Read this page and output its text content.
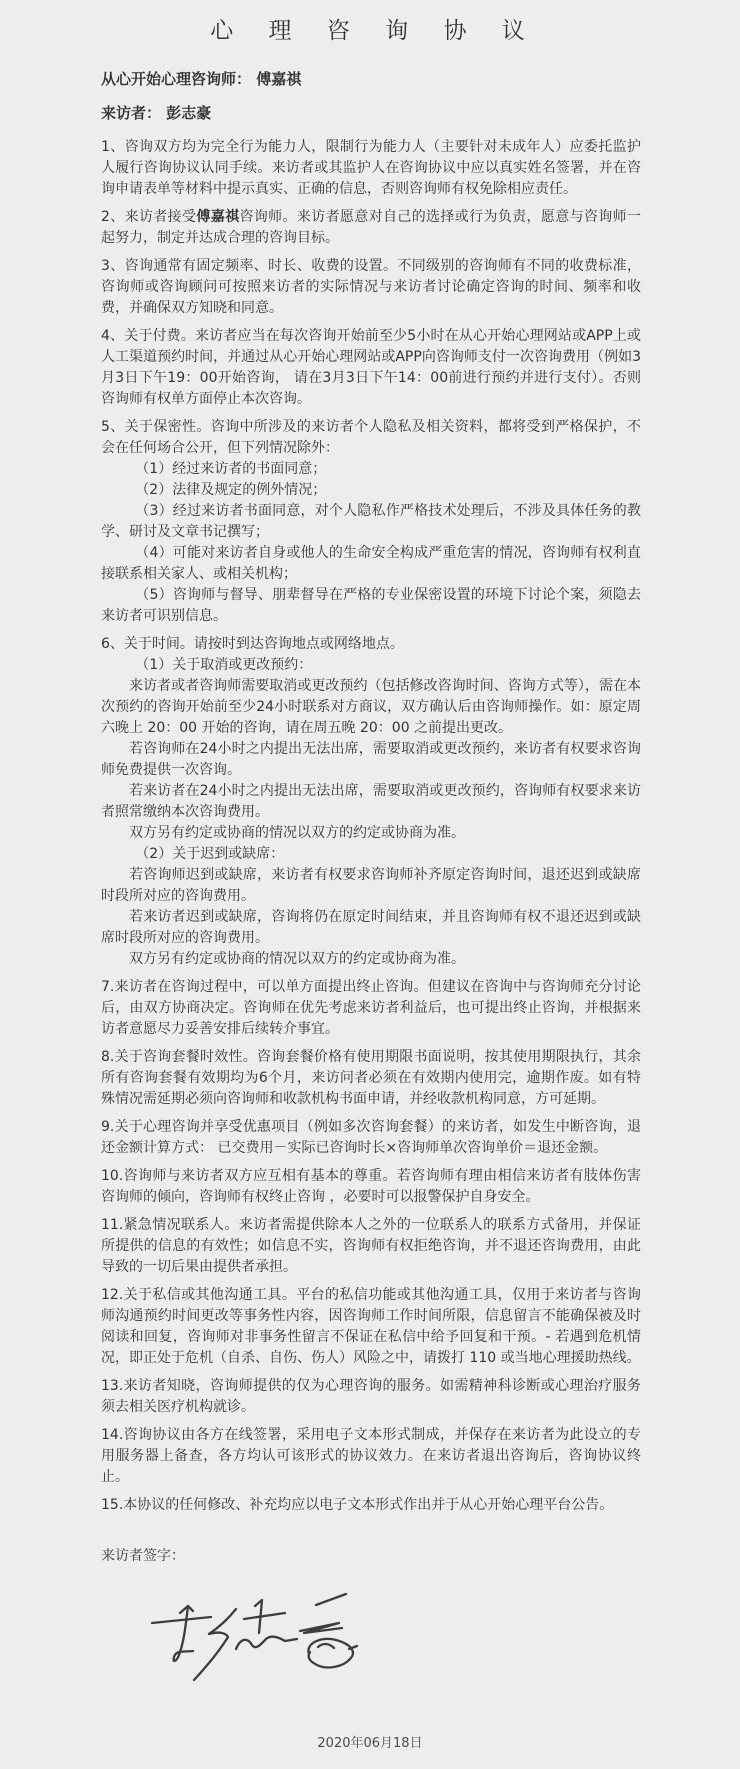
心 理 咨 询 协 议
从心开始心理咨询师： 傅嘉祺
来访者： 彭志豪
1、咨询双方均为完全行为能力人，限制行为能力人（主要针对未成年人）应委托监护人履行咨询协议认同手续。来访者或其监护人在咨询协议中应以真实姓名签署，并在咨询申请表单等材料中提示真实、正确的信息，否则咨询师有权免除相应责任。
2、来访者接受傅嘉祺咨询师。来访者愿意对自己的选择或行为负责，愿意与咨询师一起努力，制定并达成合理的咨询目标。
3、咨询通常有固定频率、时长、收费的设置。不同级别的咨询师有不同的收费标准，咨询师或咨询顾问可按照来访者的实际情况与来访者讨论确定咨询的时间、频率和收费，并确保双方知晓和同意。
4、关于付费。来访者应当在每次咨询开始前至少5小时在从心开始心理网站或APP上或人工渠道预约时间，并通过从心开始心理网站或APP向咨询师支付一次咨询费用（例如3月3日下午19：00开始咨询， 请在3月3日下午14：00前进行预约并进行支付）。否则咨询师有权单方面停止本次咨询。
5、关于保密性。咨询中所涉及的来访者个人隐私及相关资料，都将受到严格保护，不会在任何场合公开，但下列情况除外：
（1）经过来访者的书面同意；
（2）法律及规定的例外情况；
（3）经过来访者书面同意，对个人隐私作严格技术处理后，不涉及具体任务的教学、研讨及文章书记撰写；
（4）可能对来访者自身或他人的生命安全构成严重危害的情况，咨询师有权利直接联系相关家人、或相关机构；
（5）咨询师与督导、朋辈督导在严格的专业保密设置的环境下讨论个案，须隐去来访者可识别信息。
6、关于时间。请按时到达咨询地点或网络地点。
（1）关于取消或更改预约：
来访者或者咨询师需要取消或更改预约（包括修改咨询时间、咨询方式等），需在本次预约的咨询开始前至少24小时联系对方商议，双方确认后由咨询师操作。如：原定周六晚上 20：00 开始的咨询，请在周五晚 20：00 之前提出更改。
若咨询师在24小时之内提出无法出席，需要取消或更改预约，来访者有权要求咨询师免费提供一次咨询。
若来访者在24小时之内提出无法出席，需要取消或更改预约，咨询师有权要求来访者照常缴纳本次咨询费用。
双方另有约定或协商的情况以双方的约定或协商为准。
（2）关于迟到或缺席：
若咨询师迟到或缺席，来访者有权要求咨询师补齐原定咨询时间，退还迟到或缺席时段所对应的咨询费用。
若来访者迟到或缺席，咨询将仍在原定时间结束，并且咨询师有权不退还迟到或缺席时段所对应的咨询费用。
双方另有约定或协商的情况以双方的约定或协商为准。
7.来访者在咨询过程中，可以单方面提出终止咨询。但建议在咨询中与咨询师充分讨论后，由双方协商决定。咨询师在优先考虑来访者利益后，也可提出终止咨询，并根据来访者意愿尽力妥善安排后续转介事宜。
8.关于咨询套餐时效性。咨询套餐价格有使用期限书面说明，按其使用期限执行，其余所有咨询套餐有效期均为6个月，来访问者必须在有效期内使用完，逾期作废。如有特殊情况需延期必须向咨询师和收款机构书面申请，并经收款机构同意，方可延期。
9.关于心理咨询并享受优惠项目（例如多次咨询套餐）的来访者，如发生中断咨询，退还金额计算方式： 已交费用－实际已咨询时长×咨询师单次咨询单价＝退还金额。
10.咨询师与来访者双方应互相有基本的尊重。若咨询师有理由相信来访者有肢体伤害咨询师的倾向，咨询师有权终止咨询 ，必要时可以报警保护自身安全。
11.紧急情况联系人。来访者需提供除本人之外的一位联系人的联系方式备用，并保证所提供的信息的有效性；如信息不实，咨询师有权拒绝咨询，并不退还咨询费用，由此导致的一切后果由提供者承担。
12.关于私信或其他沟通工具。平台的私信功能或其他沟通工具，仅用于来访者与咨询师沟通预约时间更改等事务性内容，因咨询师工作时间所限，信息留言不能确保被及时阅读和回复，咨询师对非事务性留言不保证在私信中给予回复和干预。- 若遇到危机情况，即正处于危机（自杀、自伤、伤人）风险之中，请拨打 110 或当地心理援助热线。
13.来访者知晓，咨询师提供的仅为心理咨询的服务。如需精神科诊断或心理治疗服务须去相关医疗机构就诊。
14.咨询协议由各方在线签署，采用电子文本形式制成，并保存在来访者为此设立的专用服务器上备查，各方均认可该形式的协议效力。在来访者退出咨询后，咨询协议终止。
15.本协议的任何修改、补充均应以电子文本形式作出并于从心开始心理平台公告。
来访者签字：
2020年06月18日
